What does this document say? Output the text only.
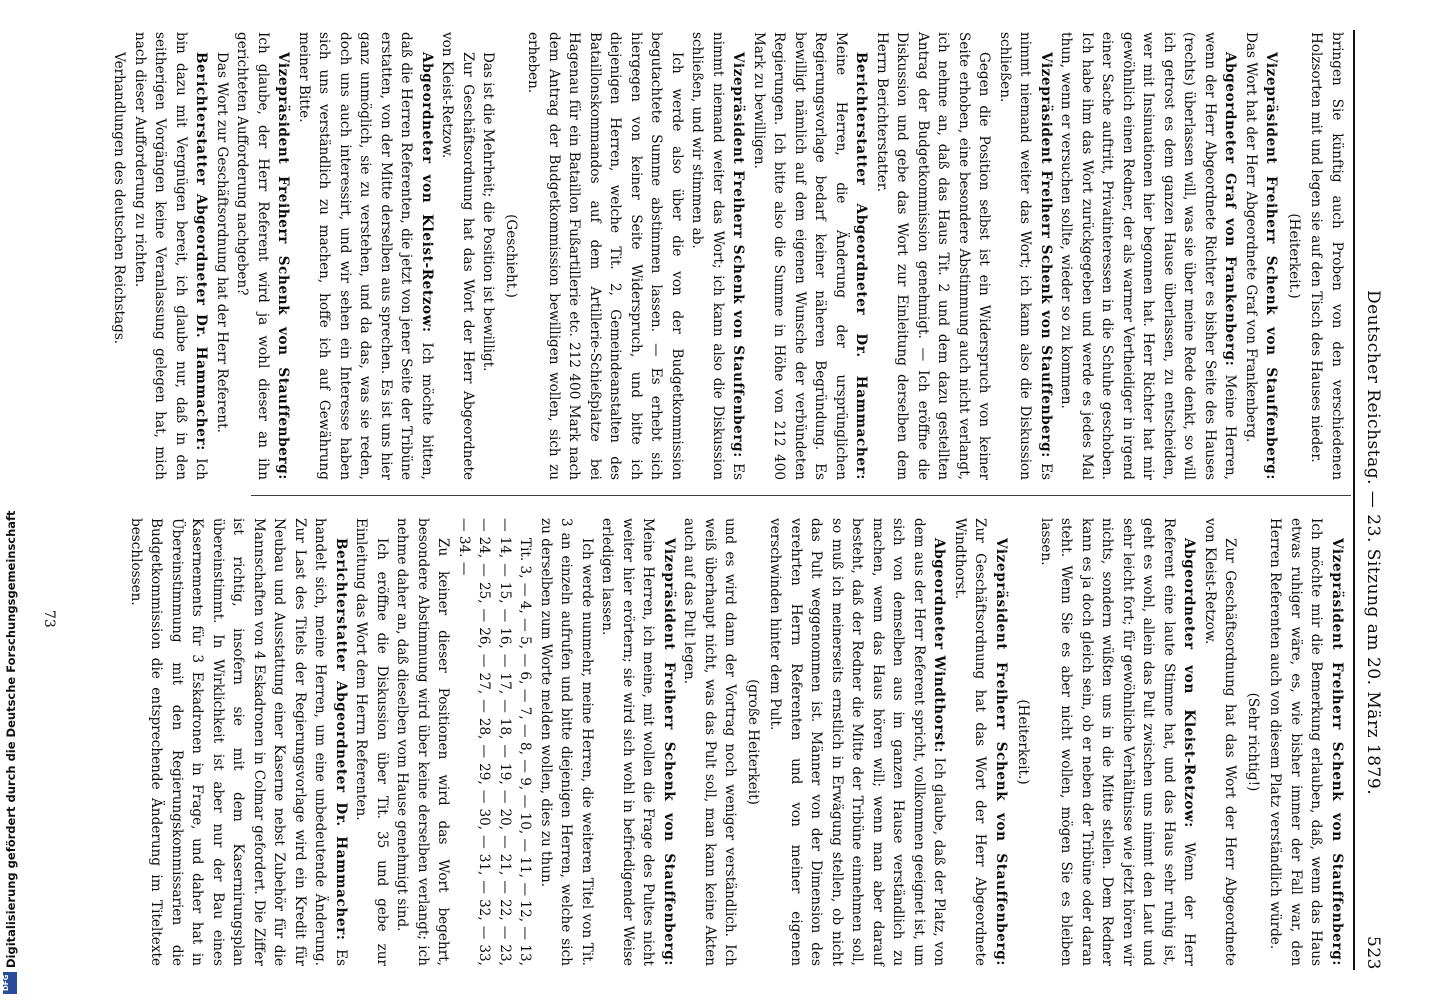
Digitalisierung gefördert durch die Deutsche Forschungsgemeinschaft
DFG
Deutscher Reichstag. — 23. Sitzung am 20. März 1879.
523

bringen Sie künftig auch Proben von den verschiedenen Holzsorten mit und legen sie auf den Tisch des Hauses nieder.

(Heiterkeit.)

Vizepräsident Freiherr Schenk von Stauffenberg: Das Wort hat der Herr Abgeordnete Graf von Frankenberg.

Abgeordneter Graf von Frankenberg: Meine Herren, wenn der Herr Abgeordnete Richter es bisher Seite des Hauses (rechts) überlassen will, was sie über meine Rede denkt, so will ich getrost es dem ganzen Hause überlassen, zu entscheiden, wer mit Insinuationen hier begonnen hat. Herr Richter hat mir gewöhnlich einen Redner, der als warmer Vertheidiger in irgend einer Sache auftritt, Privatinteressen in die Schuhe geschoben. Ich habe ihm das Wort zurückgegeben und werde es jedes Mal thun, wenn er versuchen sollte, wieder so zu kommen.

Vizepräsident Freiherr Schenk von Stauffenberg: Es nimmt niemand weiter das Wort; ich kann also die Diskussion schließen.

Gegen die Position selbst ist ein Widerspruch von keiner Seite erhoben, eine besondere Abstimmung auch nicht verlangt, ich nehme an, daß das Haus Tit. 2 und dem dazu gestellten Antrag der Budgetkommission genehmigt. — Ich eröffne die Diskussion und gebe das Wort zur Einleitung derselben dem Herrn Berichterstatter.

Berichterstatter Abgeordneter Dr. Hammacher: Meine Herren, die Änderung der ursprünglichen Regierungsvorlage bedarf keiner näheren Begründung. Es bewilligt nämlich auf dem eigenen Wunsche der verbündeten Regierungen. Ich bitte also die Summe in Höhe von 212 400 Mark zu bewilligen.

Vizepräsident Freiherr Schenk von Stauffenberg: Es nimmt niemand weiter das Wort; ich kann also die Diskussion schließen, und wir stimmen ab.

Ich werde also über die von der Budgetkommission begutachtete Summe abstimmen lassen. — Es erhebt sich hiergegen von keiner Seite Widerspruch, und bitte ich diejenigen Herren, welche Tit. 2, Gemeindeanstalten des Bataillonskommandos auf dem Artillerie-Schießplatze bei Hagenau für ein Bataillon Fußartillerie etc. 212 400 Mark nach dem Antrag der Budgetkommission bewilligen wollen, sich zu erheben.

(Geschieht.)

Das ist die Mehrheit; die Position ist bewilligt.

Zur Geschäftsordnung hat das Wort der Herr Abgeordnete von Kleist-Retzow.

Abgeordneter von Kleist-Retzow: Ich möchte bitten, daß die Herren Referenten, die jetzt von jener Seite der Tribüne erstatten, von der Mitte derselben aus sprechen. Es ist uns hier ganz unmöglich, sie zu verstehen, und da das, was sie reden, doch uns auch interessirt, und wir sehen ein Interesse haben sich uns verständlich zu machen, hoffe ich auf Gewährung meiner Bitte.

Vizepräsident Freiherr Schenk von Stauffenberg: Ich glaube, der Herr Referent wird ja wohl dieser an ihn gerichteten Aufforderung nachgeben?

Das Wort zur Geschäftsordnung hat der Herr Referent.

Berichterstatter Abgeordneter Dr. Hammacher: Ich bin dazu mit Vergnügen bereit, ich glaube nur, daß in den seitherigen Vorgängen keine Veranlassung gelegen hat, mich nach dieser Aufforderung zu richten.

Verhandlungen des deutschen Reichstags.

Vizepräsident Freiherr Schenk von Stauffenberg: Ich möchte mir die Bemerkung erlauben, daß, wenn das Haus etwas ruhiger wäre, es, wie bisher immer der Fall war, den Herren Referenten auch von diesem Platz verständlich würde.

(Sehr richtig!)

Zur Geschäftsordnung hat das Wort der Herr Abgeordnete von Kleist-Retzow.

Abgeordneter von Kleist-Retzow: Wenn der Herr Referent eine laute Stimme hat, und das Haus sehr ruhig ist, geht es wohl, allein das Pult zwischen uns nimmt den Laut und sehr leicht fort; für gewöhnliche Verhältnisse wie jetzt hören wir nichts, sondern wüßten uns in die Mitte stellen. Dem Redner kann es ja doch gleich sein, ob er neben der Tribüne oder daran steht. Wenn Sie es aber nicht wollen, mögen Sie es bleiben lassen.

(Heiterkeit.)

Vizepräsident Freiherr Schenk von Stauffenberg: Zur Geschäftsordnung hat das Wort der Herr Abgeordnete Windthorst.

Abgeordneter Windthorst: Ich glaube, daß der Platz, von dem aus der Herr Referent spricht, vollkommen geeignet ist, um sich von demselben aus im ganzen Hause verständlich zu machen, wenn das Haus hören will; wenn man aber darauf besteht, daß der Redner die Mitte der Tribüne einnehmen soll, so muß ich meinerseits ernstlich in Erwägung stellen, ob nicht das Pult weggenommen ist. Männer von der Dimension des verehrten Herrn Referenten und von meiner eigenen verschwinden hinter dem Pult.

(große Heiterkeit)

und es wird dann der Vortrag noch weniger verständlich. Ich weiß überhaupt nicht, was das Pult soll, man kann keine Akten auch auf das Pult legen.

Vizepräsident Freiherr Schenk von Stauffenberg: Meine Herren, ich meine, mit wollen die Frage des Pultes nicht weiter hier erörtern; sie wird sich wohl in befriedigender Weise erledigen lassen.

Ich werde nunmehr, meine Herren, die weiteren Titel von Tit. 3 an einzeln aufrufen und bitte diejenigen Herren, welche sich zu derselben zum Worte melden wollen, dies zu thun.

Tit. 3, — 4, — 5, — 6, — 7, — 8, — 9, — 10, — 11, — 12, — 13, — 14, — 15, — 16, — 17, — 18, — 19, — 20, — 21, — 22, — 23, — 24, — 25, — 26, — 27, — 28, — 29, — 30, — 31, — 32, — 33, — 34. —

Zu keiner dieser Positionen wird das Wort begehrt, besondere Abstimmung wird über keine derselben verlangt; ich nehme daher an, daß dieselben vom Hause genehmigt sind.

Ich eröffne die Diskussion über Tit. 35 und gebe zur Einleitung das Wort dem Herrn Referenten.

Berichterstatter Abgeordneter Dr. Hammacher: Es handelt sich, meine Herren, um eine unbedeutende Änderung. Zur Last des Titels der Regierungsvorlage wird ein Kredit für Neubau und Ausstattung einer Kaserne nebst Zubehör für die Mannschaften von 4 Eskadronen in Colmar gefordert. Die Ziffer ist richtig, insofern sie mit dem Kasernirungsplan übereinstimmt. In Wirklichkeit ist aber nur der Bau eines Kasernements für 3 Eskadronen in Frage, und daher hat in Übereinstimmung mit den Regierungskommissarien die Budgetkommission die entsprechende Änderung im Titeltexte beschlossen.

73
